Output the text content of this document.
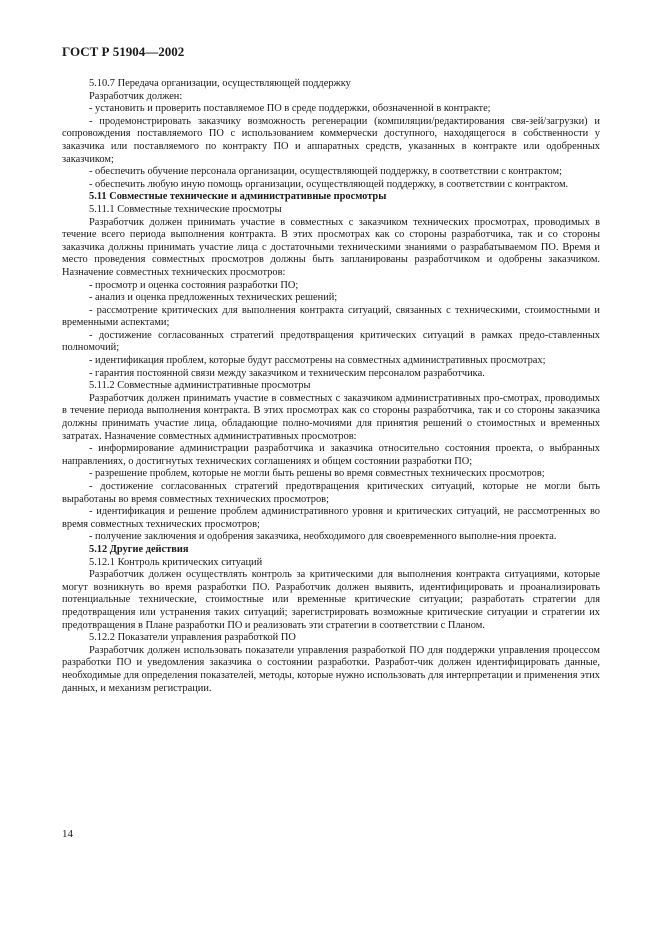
ГОСТ Р 51904—2002

5.10.7 Передача организации, осуществляющей поддержку

Разработчик должен:

- установить и проверить поставляемое ПО в среде поддержки, обозначенной в контракте;

- продемонстрировать заказчику возможность регенерации (компиляции/редактирования свя-зей/загрузки) и сопровождения поставляемого ПО с использованием коммерчески доступного, находящегося в собственности у заказчика или поставляемого по контракту ПО и аппаратных средств, указанных в контракте или одобренных заказчиком;

- обеспечить обучение персонала организации, осуществляющей поддержку, в соответствии с контрактом;

- обеспечить любую иную помощь организации, осуществляющей поддержку, в соответствии с контрактом.

5.11 Совместные технические и административные просмотры

5.11.1 Совместные технические просмотры

Разработчик должен принимать участие в совместных с заказчиком технических просмотрах, проводимых в течение всего периода выполнения контракта. В этих просмотрах как со стороны разработчика, так и со стороны заказчика должны принимать участие лица с достаточными техническими знаниями о разрабатываемом ПО. Время и место проведения совместных просмотров должны быть запланированы разработчиком и одобрены заказчиком. Назначение совместных технических просмотров:

- просмотр и оценка состояния разработки ПО;

- анализ и оценка предложенных технических решений;

- рассмотрение критических для выполнения контракта ситуаций, связанных с техническими, стоимостными и временными аспектами;

- достижение согласованных стратегий предотвращения критических ситуаций в рамках предо-ставленных полномочий;

- идентификация проблем, которые будут рассмотрены на совместных административных просмотрах;

- гарантия постоянной связи между заказчиком и техническим персоналом разработчика.

5.11.2 Совместные административные просмотры

Разработчик должен принимать участие в совместных с заказчиком административных про-смотрах, проводимых в течение периода выполнения контракта. В этих просмотрах как со стороны разработчика, так и со стороны заказчика должны принимать участие лица, обладающие полно-мочиями для принятия решений о стоимостных и временных затратах. Назначение совместных административных просмотров:

- информирование администрации разработчика и заказчика относительно состояния проекта, о выбранных направлениях, о достигнутых технических соглашениях и общем состоянии разработки ПО;

- разрешение проблем, которые не могли быть решены во время совместных технических просмотров;

- достижение согласованных стратегий предотвращения критических ситуаций, которые не могли быть выработаны во время совместных технических просмотров;

- идентификация и решение проблем административного уровня и критических ситуаций, не рассмотренных во время совместных технических просмотров;

- получение заключения и одобрения заказчика, необходимого для своевременного выполне-ния проекта.

5.12 Другие действия

5.12.1 Контроль критических ситуаций

Разработчик должен осуществлять контроль за критическими для выполнения контракта ситуациями, которые могут возникнуть во время разработки ПО. Разработчик должен выявить, идентифицировать и проанализировать потенциальные технические, стоимостные или временные критические ситуации; разработать стратегии для предотвращения или устранения таких ситуаций; зарегистрировать возможные критические ситуации и стратегии их предотвращения в Плане разработки ПО и реализовать эти стратегии в соответствии с Планом.

5.12.2 Показатели управления разработкой ПО

Разработчик должен использовать показатели управления разработкой ПО для поддержки управления процессом разработки ПО и уведомления заказчика о состоянии разработки. Разработ-чик должен идентифицировать данные, необходимые для определения показателей, методы, которые нужно использовать для интерпретации и применения этих данных, и механизм регистрации.

14
